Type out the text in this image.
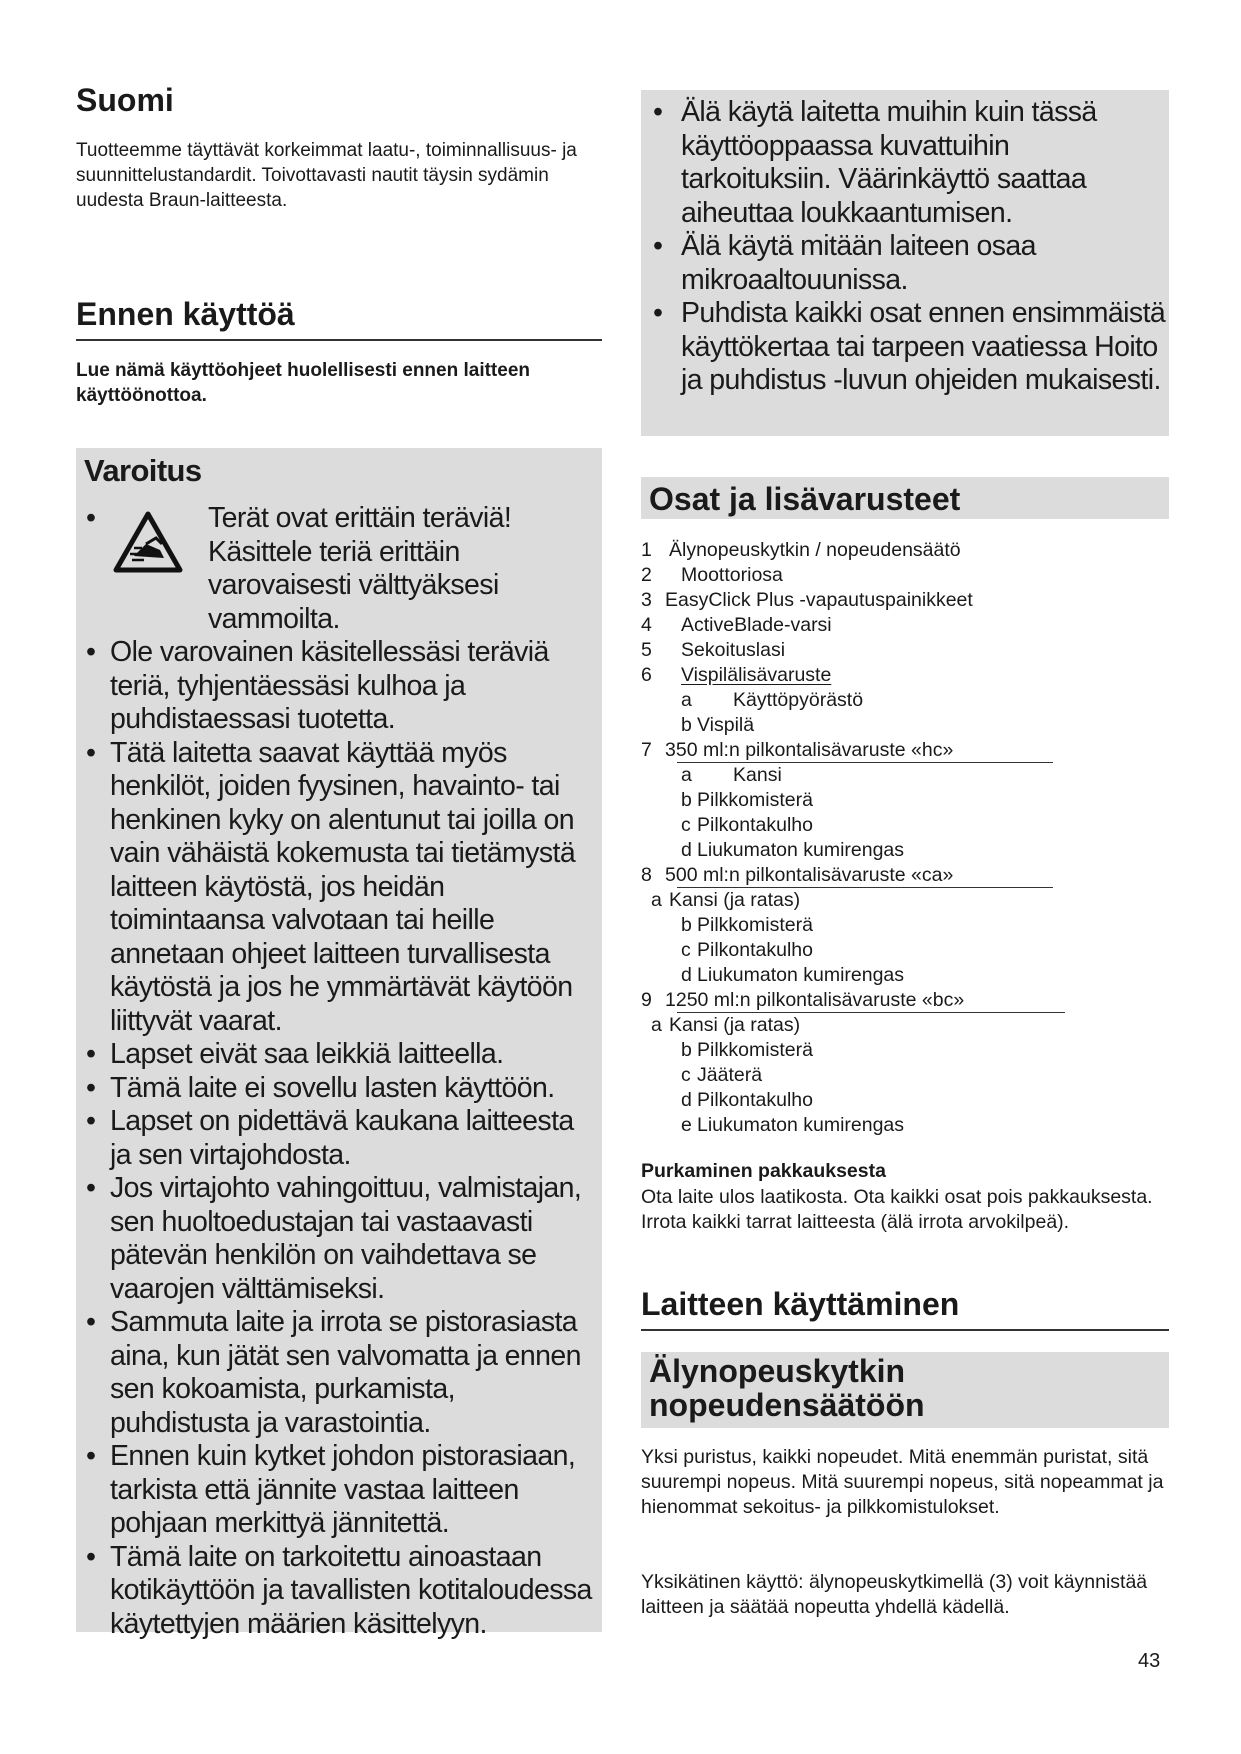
Suomi
Tuotteemme täyttävät korkeimmat laatu-, toiminnallisuus- ja suunnittelustandardit. Toivottavasti nautit täysin sydämin uudesta Braun-laitteesta.
Ennen käyttöä
Lue nämä käyttöohjeet huolellisesti ennen laitteen käyttöönottoa.
Varoitus
•	Terät ovat erittäin teräviä! Käsittele teriä erittäin varovaisesti välttyäksesi vammoilta.
• Ole varovainen käsitellessäsi teräviä teriä, tyhjentäessäsi kulhoa ja puhdistaessasi tuotetta.
• Tätä laitetta saavat käyttää myös henkilöt, joiden fyysinen, havainto- tai henkinen kyky on alentunut tai joilla on vain vähäistä kokemusta tai tietämystä laitteen käytöstä, jos heidän toimintaansa valvotaan tai heille annetaan ohjeet laitteen turvallisesta käytöstä ja jos he ymmärtävät käytöön liittyvät vaarat.
• Lapset eivät saa leikkiä laitteella.
• Tämä laite ei sovellu lasten käyttöön.
• Lapset on pidettävä kaukana laitteesta ja sen virtajohdosta.
• Jos virtajohto vahingoittuu, valmistajan, sen huoltoedustajan tai vastaavasti pätevän henkilön on vaihdettava se vaarojen välttämiseksi.
• Sammuta laite ja irrota se pistorasiasta aina, kun jätät sen valvomatta ja ennen sen kokoamista, purkamista, puhdistusta ja varastointia.
• Ennen kuin kytket johdon pistorasiaan, tarkista että jännite vastaa laitteen pohjaan merkittyä jännitettä.
• Tämä laite on tarkoitettu ainoastaan kotikäyttöön ja tavallisten kotitaloudessa käytettyjen määrien käsittelyyn.
• Älä käytä laitetta muihin kuin tässä käyttöoppaassa kuvattuihin tarkoituksiin. Väärinkäyttö saattaa aiheuttaa loukkaantumisen.
• Älä käytä mitään laiteen osaa mikroaaltouunissa.
• Puhdista kaikki osat ennen ensimmäistä käyttökertaa tai tarpeen vaatiessa Hoito ja puhdistus -luvun ohjeiden mukaisesti.
Osat ja lisävarusteet
1 Älynopeuskytkin / nopeudensäätö
2 Moottoriosa
3 EasyClick Plus -vapautuspainikkeet
4 ActiveBlade-varsi
5 Sekoituslasi
6 Vispilälisävaruste
a Käyttöpyörästö
b Vispilä
7 350 ml:n pilkontalisävaruste «hc»
a Kansi
b Pilkkomisterä
c Pilkontakulho
d Liukumaton kumirengas
8 500 ml:n pilkontalisävaruste «ca»
a Kansi (ja ratas)
b Pilkkomisterä
c Pilkontakulho
d Liukumaton kumirengas
9 1250 ml:n pilkontalisävaruste «bc»
a Kansi (ja ratas)
b Pilkkomisterä
c Jääterä
d Pilkontakulho
e Liukumaton kumirengas
Purkaminen pakkauksesta
Ota laite ulos laatikosta. Ota kaikki osat pois pakkauksesta. Irrota kaikki tarrat laitteesta (älä irrota arvokilpeä).
Laitteen käyttäminen
Älynopeuskytkin nopeudensäätöön
Yksi puristus, kaikki nopeudet. Mitä enemmän puristat, sitä suurempi nopeus. Mitä suurempi nopeus, sitä nopeammat ja hienommat sekoitus- ja pilkkomistulokset.
Yksikätinen käyttö: älynopeuskytkimellä (3) voit käynnistää laitteen ja säätää nopeutta yhdellä kädellä.
43
